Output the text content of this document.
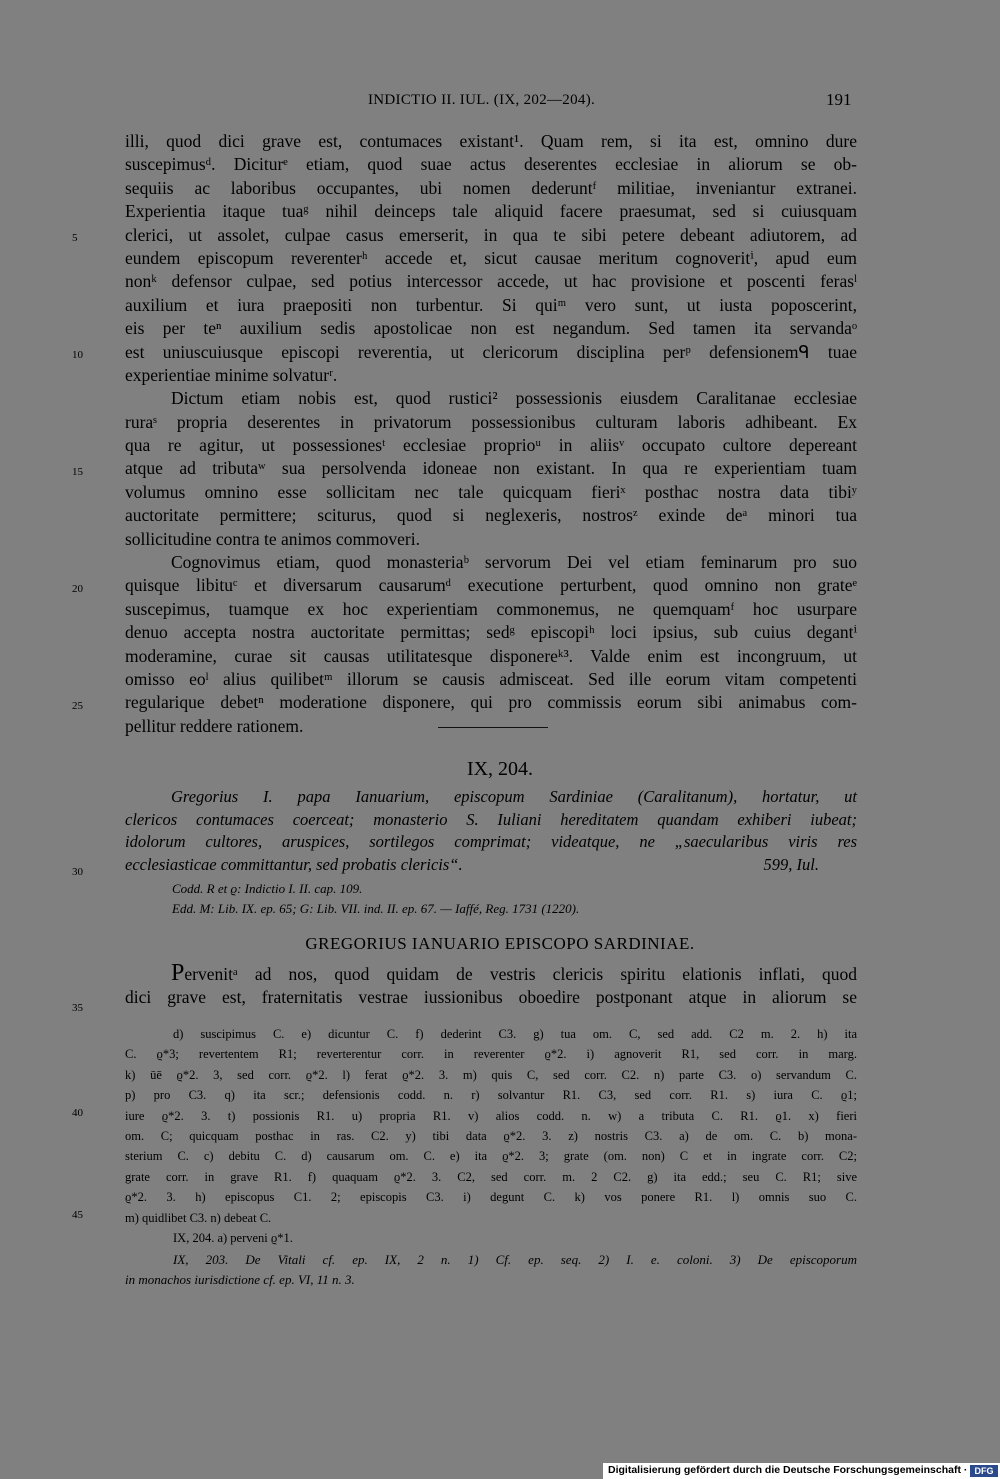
INDICTIO II. IUL. (IX, 202—204).	191
illi, quod dici grave est, contumaces existant¹. Quam rem, si ita est, omnino dure
suscepimusᵈ. Diciturᵉ etiam, quod suae actus deserentes ecclesiae in aliorum se ob-
sequiis ac laboribus occupantes, ubi nomen dederuntᶠ militiae, inveniantur extranei.
Experientia itaque tuaᵍ nihil deinceps tale aliquid facere praesumat, sed si cuiusquam
clerici, ut assolet, culpae casus emerserit, in qua te sibi petere debeant adiutorem, ad
eundem episcopum reverenterʰ accede et, sicut causae meritum cognoveritⁱ, apud eum
nonᵏ defensor culpae, sed potius intercessor accede, ut hac provisione et poscenti ferasˡ
auxilium et iura praepositi non turbentur. Si quiᵐ vero sunt, ut iusta poposcerint,
eis per teⁿ auxilium sedis apostolicae non est negandum. Sed tamen ita servandaᵒ
est uniuscuiusque episcopi reverentia, ut clericorum disciplina perᵖ defensionemᑫ tuae
experientiae minime solvaturʳ.
Dictum etiam nobis est, quod rustici² possessionis eiusdem Caralitanae ecclesiae
ruraˢ propria deserentes in privatorum possessionibus culturam laboris adhibeant. Ex
qua re agitur, ut possessionesᵗ ecclesiae proprioᵘ in aliisᵛ occupato cultore depereant
atque ad tributaʷ sua persolvenda idoneae non existant. In qua re experientiam tuam
volumus omnino esse sollicitam nec tale quicquam fieriˣ posthac nostra data tibiʸ
auctoritate permittere; sciturus, quod si neglexeris, nostrosᶻ exinde deᵃ minori tua
sollicitudine contra te animos commoveri.
Cognovimus etiam, quod monasteriaᵇ servorum Dei vel etiam feminarum pro suo
quisque libituᶜ et diversarum causarumᵈ executione perturbent, quod omnino non grateᵉ
suscepimus, tuamque ex hoc experientiam commonemus, ne quemquamᶠ hoc usurpare
denuo accepta nostra auctoritate permittas; sedᵍ episcopiʰ loci ipsius, sub cuius degantⁱ
moderamine, curae sit causas utilitatesque disponereᵏ³. Valde enim est incongruum, ut
omisso eoˡ alius quilibetᵐ illorum se causis admisceat. Sed ille eorum vitam competenti
regularique debetⁿ moderatione disponere, qui pro commissis eorum sibi animabus com-
pellitur reddere rationem.
5
10
15
20
25
30
35
40
45
IX, 204.
Gregorius I. papa Ianuarium, episcopum Sardiniae (Caralitanum), hortatur, ut
clericos contumaces coerceat; monasterio S. Iuliani hereditatem quandam exhiberi iubeat;
idolorum cultores, aruspices, sortilegos comprimat; videatque, ne „saecularibus viris res
ecclesiasticae committantur, sed probatis clericis“.	599, Iul.
Codd. R et ϱ: Indictio I. II. cap. 109.
Edd. M: Lib. IX. ep. 65; G: Lib. VII. ind. II. ep. 67. — Iaffé, Reg. 1731 (1220).
GREGORIUS IANUARIO EPISCOPO SARDINIAE.
Pervenitᵃ ad nos, quod quidam de vestris clericis spiritu elationis inflati, quod
dici grave est, fraternitatis vestrae iussionibus oboedire postponant atque in aliorum se
d) suscipimus C. e) dicuntur C. f) dederint C3. g) tua om. C, sed add. C2 m. 2. h) ita
C. ϱ*3; revertentem R1; reverterentur corr. in reverenter ϱ*2. i) agnoverit R1, sed corr. in marg.
k) ūē ϱ*2. 3, sed corr. ϱ*2. l) ferat ϱ*2. 3. m) quis C, sed corr. C2. n) parte C3. o) servandum C.
p) pro C3. q) ita scr.; defensionis codd. n. r) solvantur R1. C3, sed corr. R1. s) iura C. ϱ1;
iure ϱ*2. 3. t) possionis R1. u) propria R1. v) alios codd. n. w) a tributa C. R1. ϱ1. x) fieri
om. C; quicquam posthac in ras. C2. y) tibi data ϱ*2. 3. z) nostris C3. a) de om. C. b) mona-
sterium C. c) debitu C. d) causarum om. C. e) ita ϱ*2. 3; grate (om. non) C et in ingrate corr. C2;
grate corr. in grave R1. f) quaquam ϱ*2. 3. C2, sed corr. m. 2 C2. g) ita edd.; seu C. R1; sive
ϱ*2. 3. h) episcopus C1. 2; episcopis C3. i) degunt C. k) vos ponere R1. l) omnis suo C.
m) quidlibet C3. n) debeat C.
IX, 204. a) perveni ϱ*1.
IX, 203. De Vitali cf. ep. IX, 2 n. 1) Cf. ep. seq. 2) I. e. coloni. 3) De episcoporum
in monachos iurisdictione cf. ep. VI, 11 n. 3.
Digitalisierung gefördert durch die Deutsche Forschungsgemeinschaft · DFG
